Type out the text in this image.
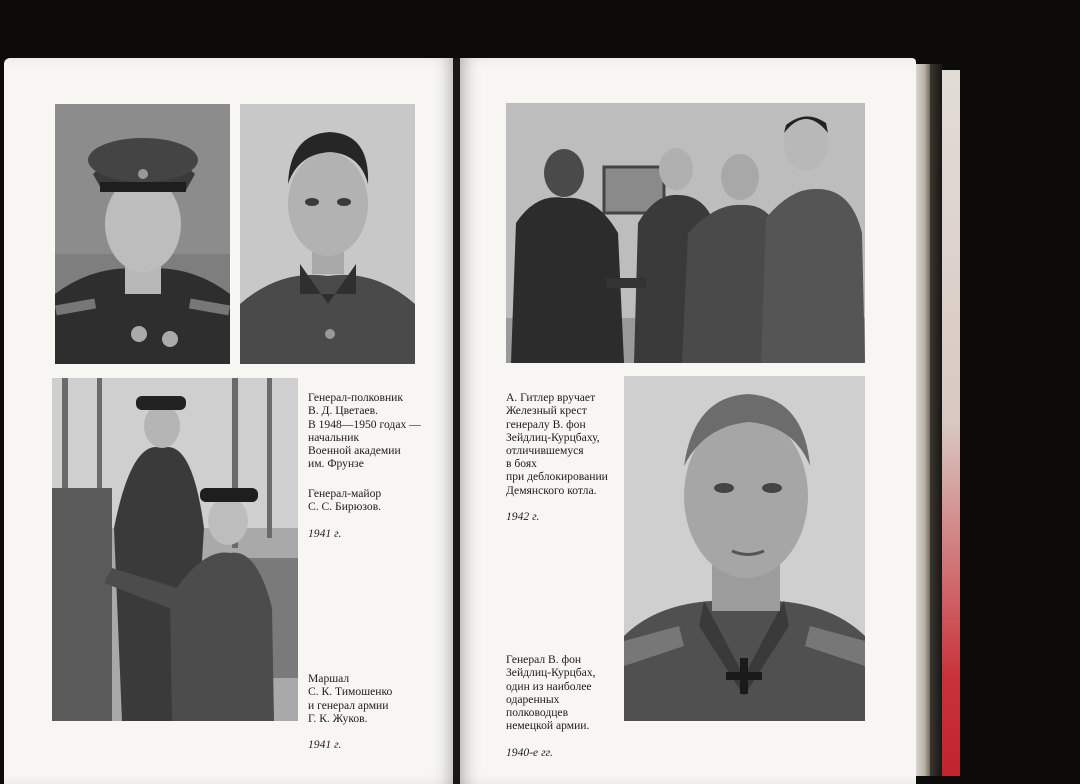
Генерал-полковник
В. Д. Цветаев.
В 1948—1950 годах —
начальник
Военной академии
им. Фрунзе

Генерал-майор
С. С. Бирюзов.

1941 г.

Маршал
С. К. Тимошенко
и генерал армии
Г. К. Жуков.

1941 г.

А. Гитлер вручает
Железный крест
генералу В. фон
Зейдлиц-Курцбаху,
отличившемуся
в боях
при деблокировании
Демянского котла.

1942 г.

Генерал В. фон
Зейдлиц-Курцбах,
один из наиболее
одаренных
полководцев
немецкой армии.

1940-е гг.
